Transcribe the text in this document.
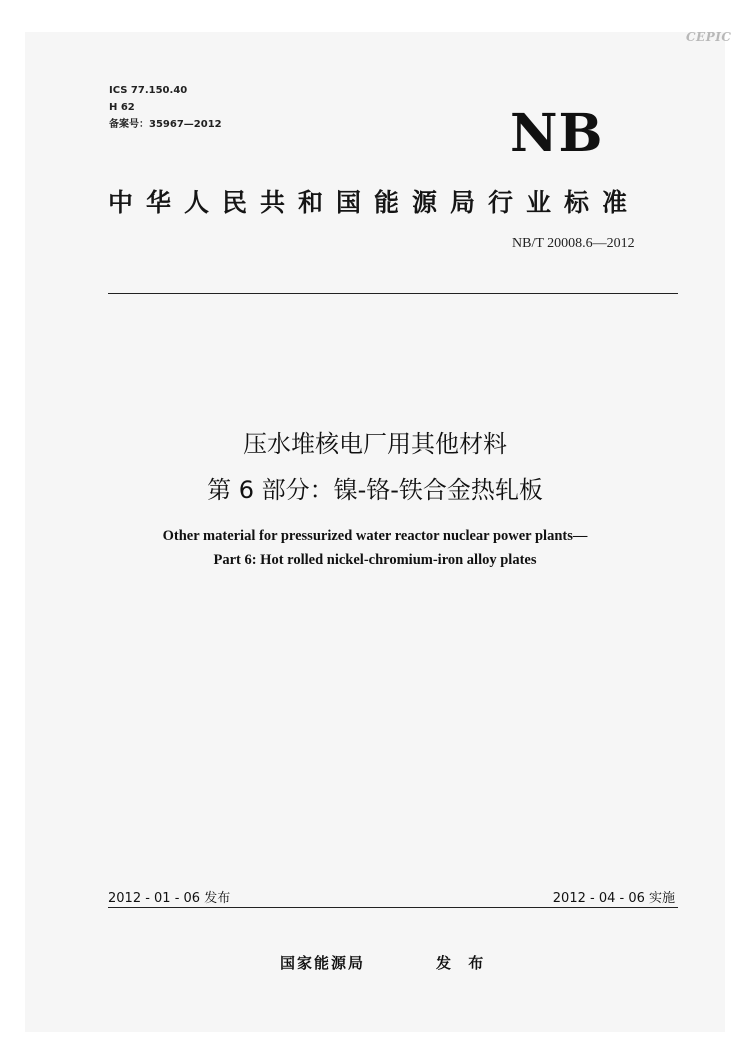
CEPIC
ICS 77.150.40
H 62
备案号：35967—2012	NB
中华人民共和国能源局行业标准
NB/T 20008.6—2012
压水堆核电厂用其他材料
第 6 部分：镍-铬-铁合金热轧板
Other material for pressurized water reactor nuclear power plants—
Part 6: Hot rolled nickel-chromium-iron alloy plates
2012 - 01 - 06 发布	2012 - 04 - 06 实施
国家能源局	发 布
